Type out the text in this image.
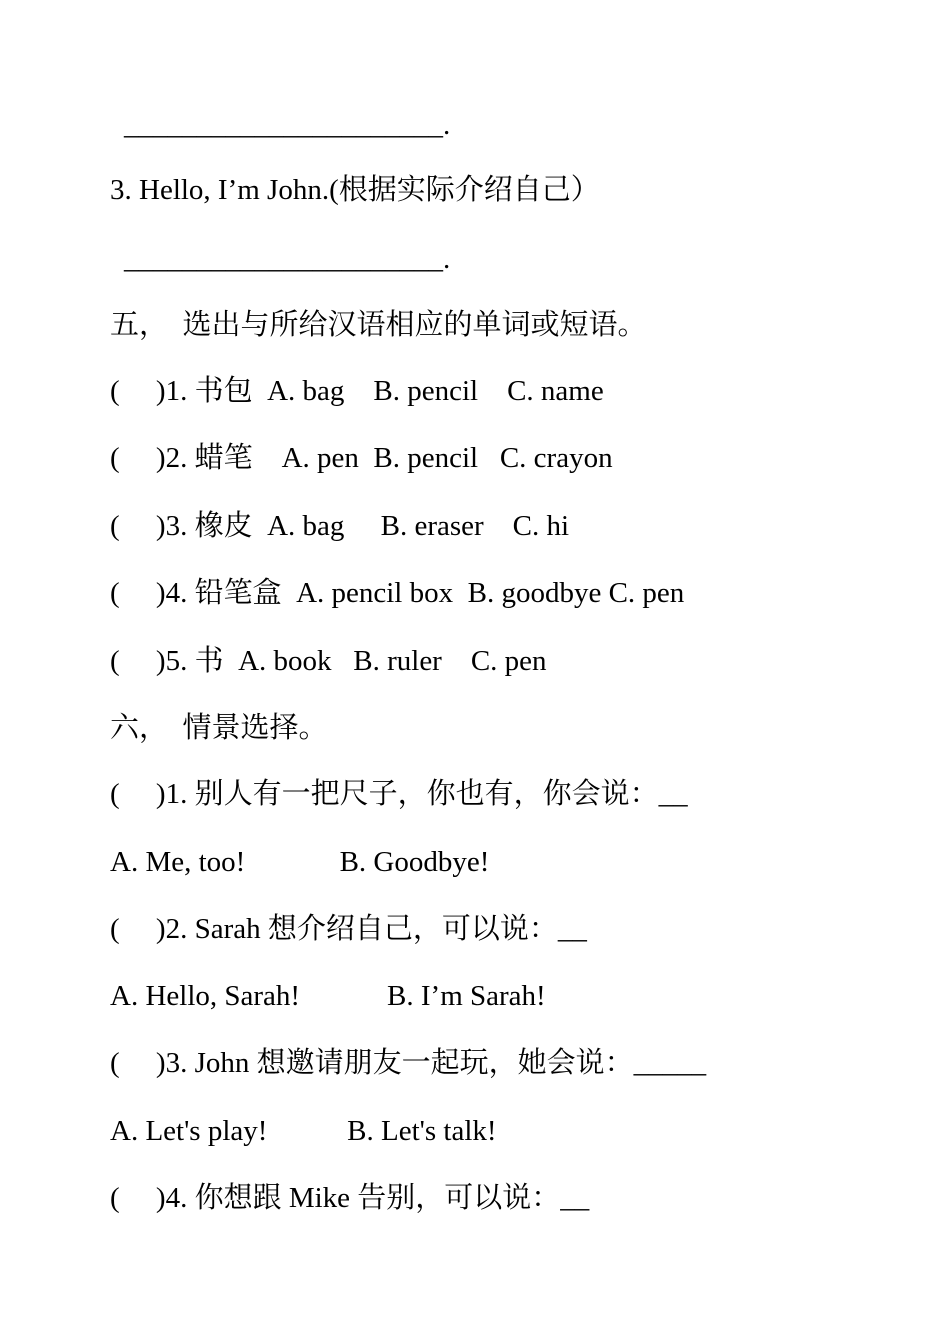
______________________.
3. Hello, I’m John.(根据实际介绍自己）
______________________.
五，  选出与所给汉语相应的单词或短语。
(     )1. 书包  A. bag    B. pencil    C. name
(     )2. 蜡笔    A. pen  B. pencil   C. crayon
(     )3. 橡皮  A. bag     B. eraser    C. hi
(     )4. 铅笔盒  A. pencil box  B. goodbye C. pen
(     )5. 书  A. book   B. ruler    C. pen
六，  情景选择。
(     )1. 别人有一把尺子，你也有，你会说：__
A. Me, too!             B. Goodbye!
(     )2. Sarah 想介绍自己，可以说：__
A. Hello, Sarah!            B. I’m Sarah!
(     )3. John 想邀请朋友一起玩，她会说：_____
A. Let's play!           B. Let's talk!
(     )4. 你想跟 Mike 告别，可以说：__
